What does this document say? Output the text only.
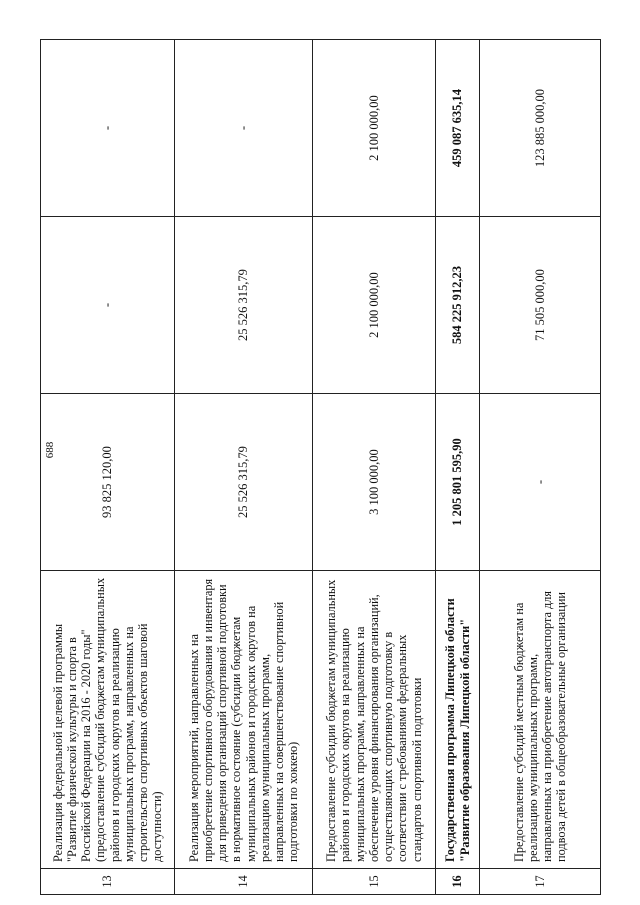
688
13	Реализация федеральной целевой программы "Развитие физической культуры и спорта в Российской Федерации на 2016 - 2020 годы" (предоставление субсидий бюджетам муниципальных районов и городских округов на реализацию муниципальных программ, направленных на строительство спортивных объектов шаговой доступности)	93 825 120,00	-	-
14	Реализация мероприятий, направленных на приобретение спортивного оборудования и инвентаря для приведения организаций спортивной подготовки в нормативное состояние (субсидии бюджетам муниципальных районов и городских округов на реализацию муниципальных программ, направленных на совершенствование спортивной подготовки по хоккею)	25 526 315,79	25 526 315,79	-
15	Предоставление субсидии бюджетам муниципальных районов и городских округов на реализацию муниципальных программ, направленных на обеспечение уровня финансирования организаций, осуществляющих спортивную подготовку в соответствии с требованиями федеральных стандартов спортивной подготовки	3 100 000,00	2 100 000,00	2 100 000,00
16	Государственная программа Липецкой области "Развитие образования Липецкой области"	1 205 801 595,90	584 225 912,23	459 087 635,14
17	Предоставление субсидий местным бюджетам на реализацию муниципальных программ, направленных на приобретение автотранспорта для подвоза детей в общеобразовательные организации	-	71 505 000,00	123 885 000,00
